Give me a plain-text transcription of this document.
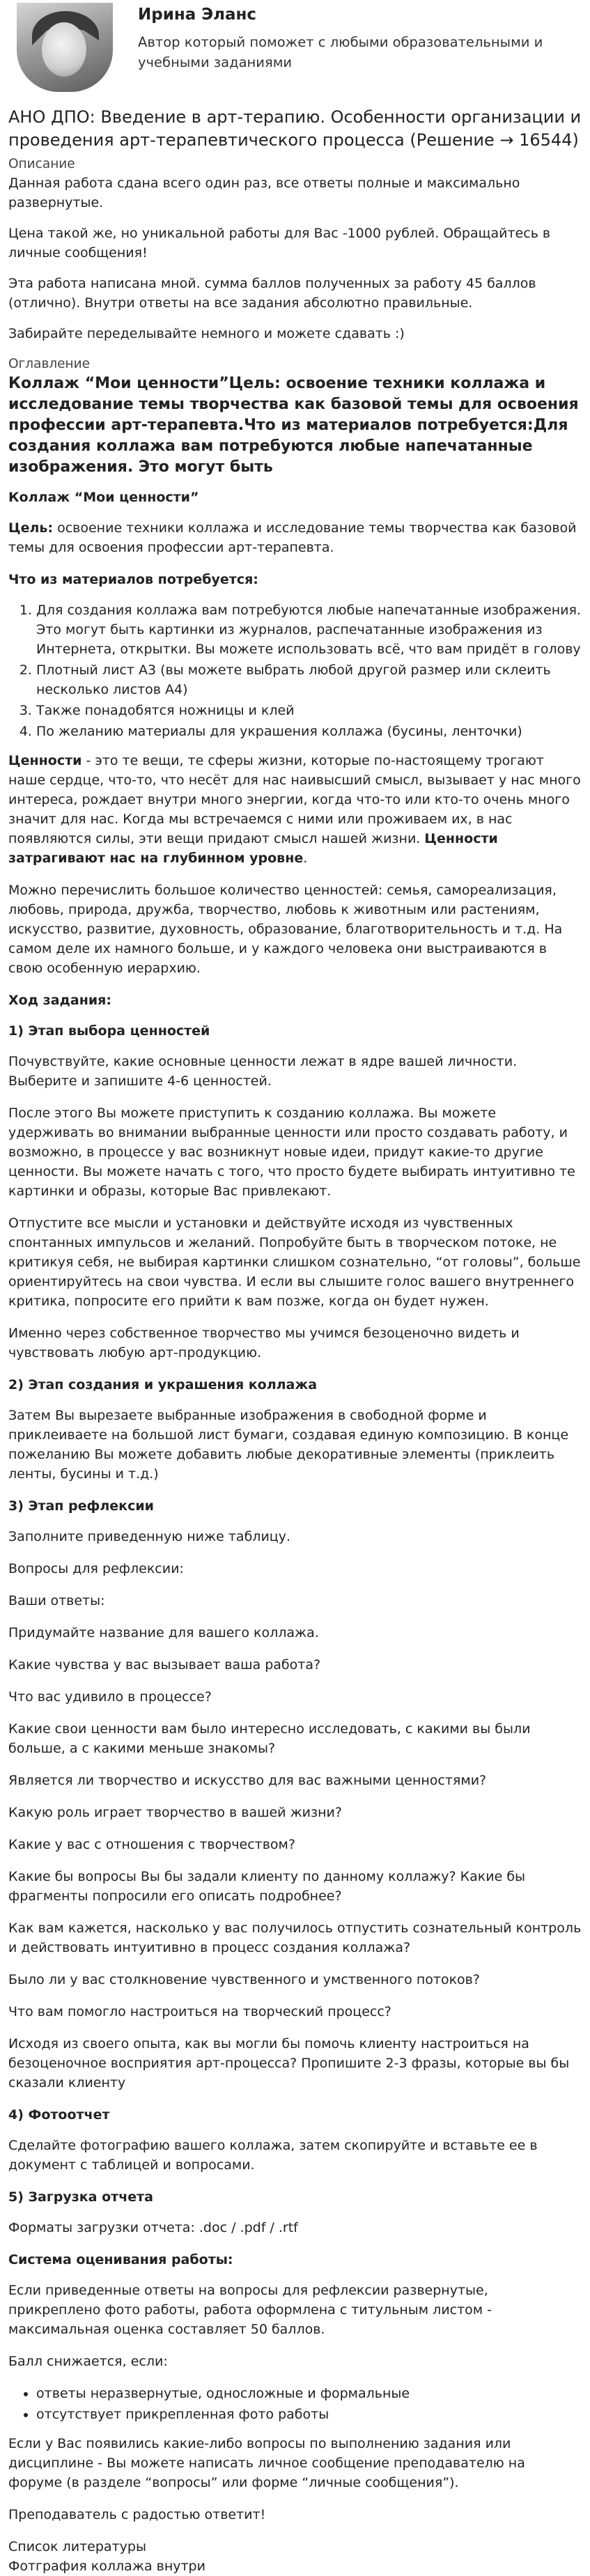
Ирина Эланс
Автор который поможет с любыми образовательными и учебными заданиями
АНО ДПО: Введение в арт-терапию. Особенности организации и проведения арт-терапевтического процесса (Решение → 16544)
Описание

Данная работа сдана всего один раз, все ответы полные и максимально развернутые.

Цена такой же, но уникальной работы для Вас -1000 рублей. Обращайтесь в личные сообщения!

Эта работа написана мной. сумма баллов полученных за работу 45 баллов (отлично). Внутри ответы на все задания абсолютно правильные.

Забирайте переделывайте немного и можете сдавать :)

Оглавление
Коллаж “Мои ценности”Цель: освоение техники коллажа и исследование темы творчества как базовой темы для освоения профессии арт-терапевта.Что из материалов потребуется:Для создания коллажа вам потребуются любые напечатанные изображения. Это могут быть
Коллаж “Мои ценности”

Цель: освоение техники коллажа и исследование темы творчества как базовой темы для освоения профессии арт-терапевта.

Что из материалов потребуется:
1. Для создания коллажа вам потребуются любые напечатанные изображения. Это могут быть картинки из журналов, распечатанные изображения из Интернета, открытки. Вы можете использовать всё, что вам придёт в голову
2. Плотный лист А3 (вы можете выбрать любой другой размер или склеить несколько листов А4)
3. Также понадобятся ножницы и клей
4. По желанию материалы для украшения коллажа (бусины, ленточки)

Ценности - это те вещи, те сферы жизни, которые по-настоящему трогают наше сердце, что-то, что несёт для нас наивысший смысл, вызывает у нас много интереса, рождает внутри много энергии, когда что-то или кто-то очень много значит для нас. Когда мы встречаемся с ними или проживаем их, в нас появляются силы, эти вещи придают смысл нашей жизни. Ценности затрагивают нас на глубинном уровне.

Можно перечислить большое количество ценностей: семья, самореализация, любовь, природа, дружба, творчество, любовь к животным или растениям, искусство, развитие, духовность, образование, благотворительность и т.д. На самом деле их намного больше, и у каждого человека они выстраиваются в свою особенную иерархию.

Ход задания:
1) Этап выбора ценностей

Почувствуйте, какие основные ценности лежат в ядре вашей личности. Выберите и запишите 4-6 ценностей.

После этого Вы можете приступить к созданию коллажа. Вы можете удерживать во внимании выбранные ценности или просто создавать работу, и возможно, в процессе у вас возникнут новые идеи, придут какие-то другие ценности. Вы можете начать с того, что просто будете выбирать интуитивно те картинки и образы, которые Вас привлекают.

Отпустите все мысли и установки и действуйте исходя из чувственных спонтанных импульсов и желаний. Попробуйте быть в творческом потоке, не критикуя себя, не выбирая картинки слишком сознательно, “от головы”, больше ориентируйтесь на свои чувства. И если вы слышите голос вашего внутреннего критика, попросите его прийти к вам позже, когда он будет нужен.

Именно через собственное творчество мы учимся безоценочно видеть и чувствовать любую арт-продукцию.

2) Этап создания и украшения коллажа

Затем Вы вырезаете выбранные изображения в свободной форме и приклеиваете на большой лист бумаги, создавая единую композицию. В конце пожеланию Вы можете добавить любые декоративные элементы (приклеить ленты, бусины и т.д.)

3) Этап рефлексии

Заполните приведенную ниже таблицу.

Вопросы для рефлексии:

Ваши ответы:

Придумайте название для вашего коллажа.

Какие чувства у вас вызывает ваша работа?

Что вас удивило в процессе?

Какие свои ценности вам было интересно исследовать, с какими вы были больше, а с какими меньше знакомы?

Является ли творчество и искусство для вас важными ценностями?

Какую роль играет творчество в вашей жизни?

Какие у вас с отношения с творчеством?

Какие бы вопросы Вы бы задали клиенту по данному коллажу? Какие бы фрагменты попросили его описать подробнее?

Как вам кажется, насколько у вас получилось отпустить сознательный контроль и действовать интуитивно в процесс создания коллажа?

Было ли у вас столкновение чувственного и умственного потоков?

Что вам помогло настроиться на творческий процесс?

Исходя из своего опыта, как вы могли бы помочь клиенту настроиться на безоценочное восприятия арт-процесса? Пропишите 2-3 фразы, которые вы бы сказали клиенту

4) Фотоотчет

Сделайте фотографию вашего коллажа, затем скопируйте и вставьте ее в документ с таблицей и вопросами.

5) Загрузка отчета

Форматы загрузки отчета: .doc / .pdf / .rtf

Система оценивания работы:

Если приведенные ответы на вопросы для рефлексии развернутые, прикреплено фото работы, работа оформлена с титульным листом - максимальная оценка составляет 50 баллов.

Балл снижается, если:

• ответы неразвернутые, односложные и формальные
• отсутствует прикрепленная фото работы

Если у Вас появились какие-либо вопросы по выполнению задания или дисциплине - Вы можете написать личное сообщение преподавателю на форуме (в разделе “вопросы” или форме “личные сообщения”).

Преподаватель с радостью ответит!

Список литературы
Фотграфия коллажа внутри
